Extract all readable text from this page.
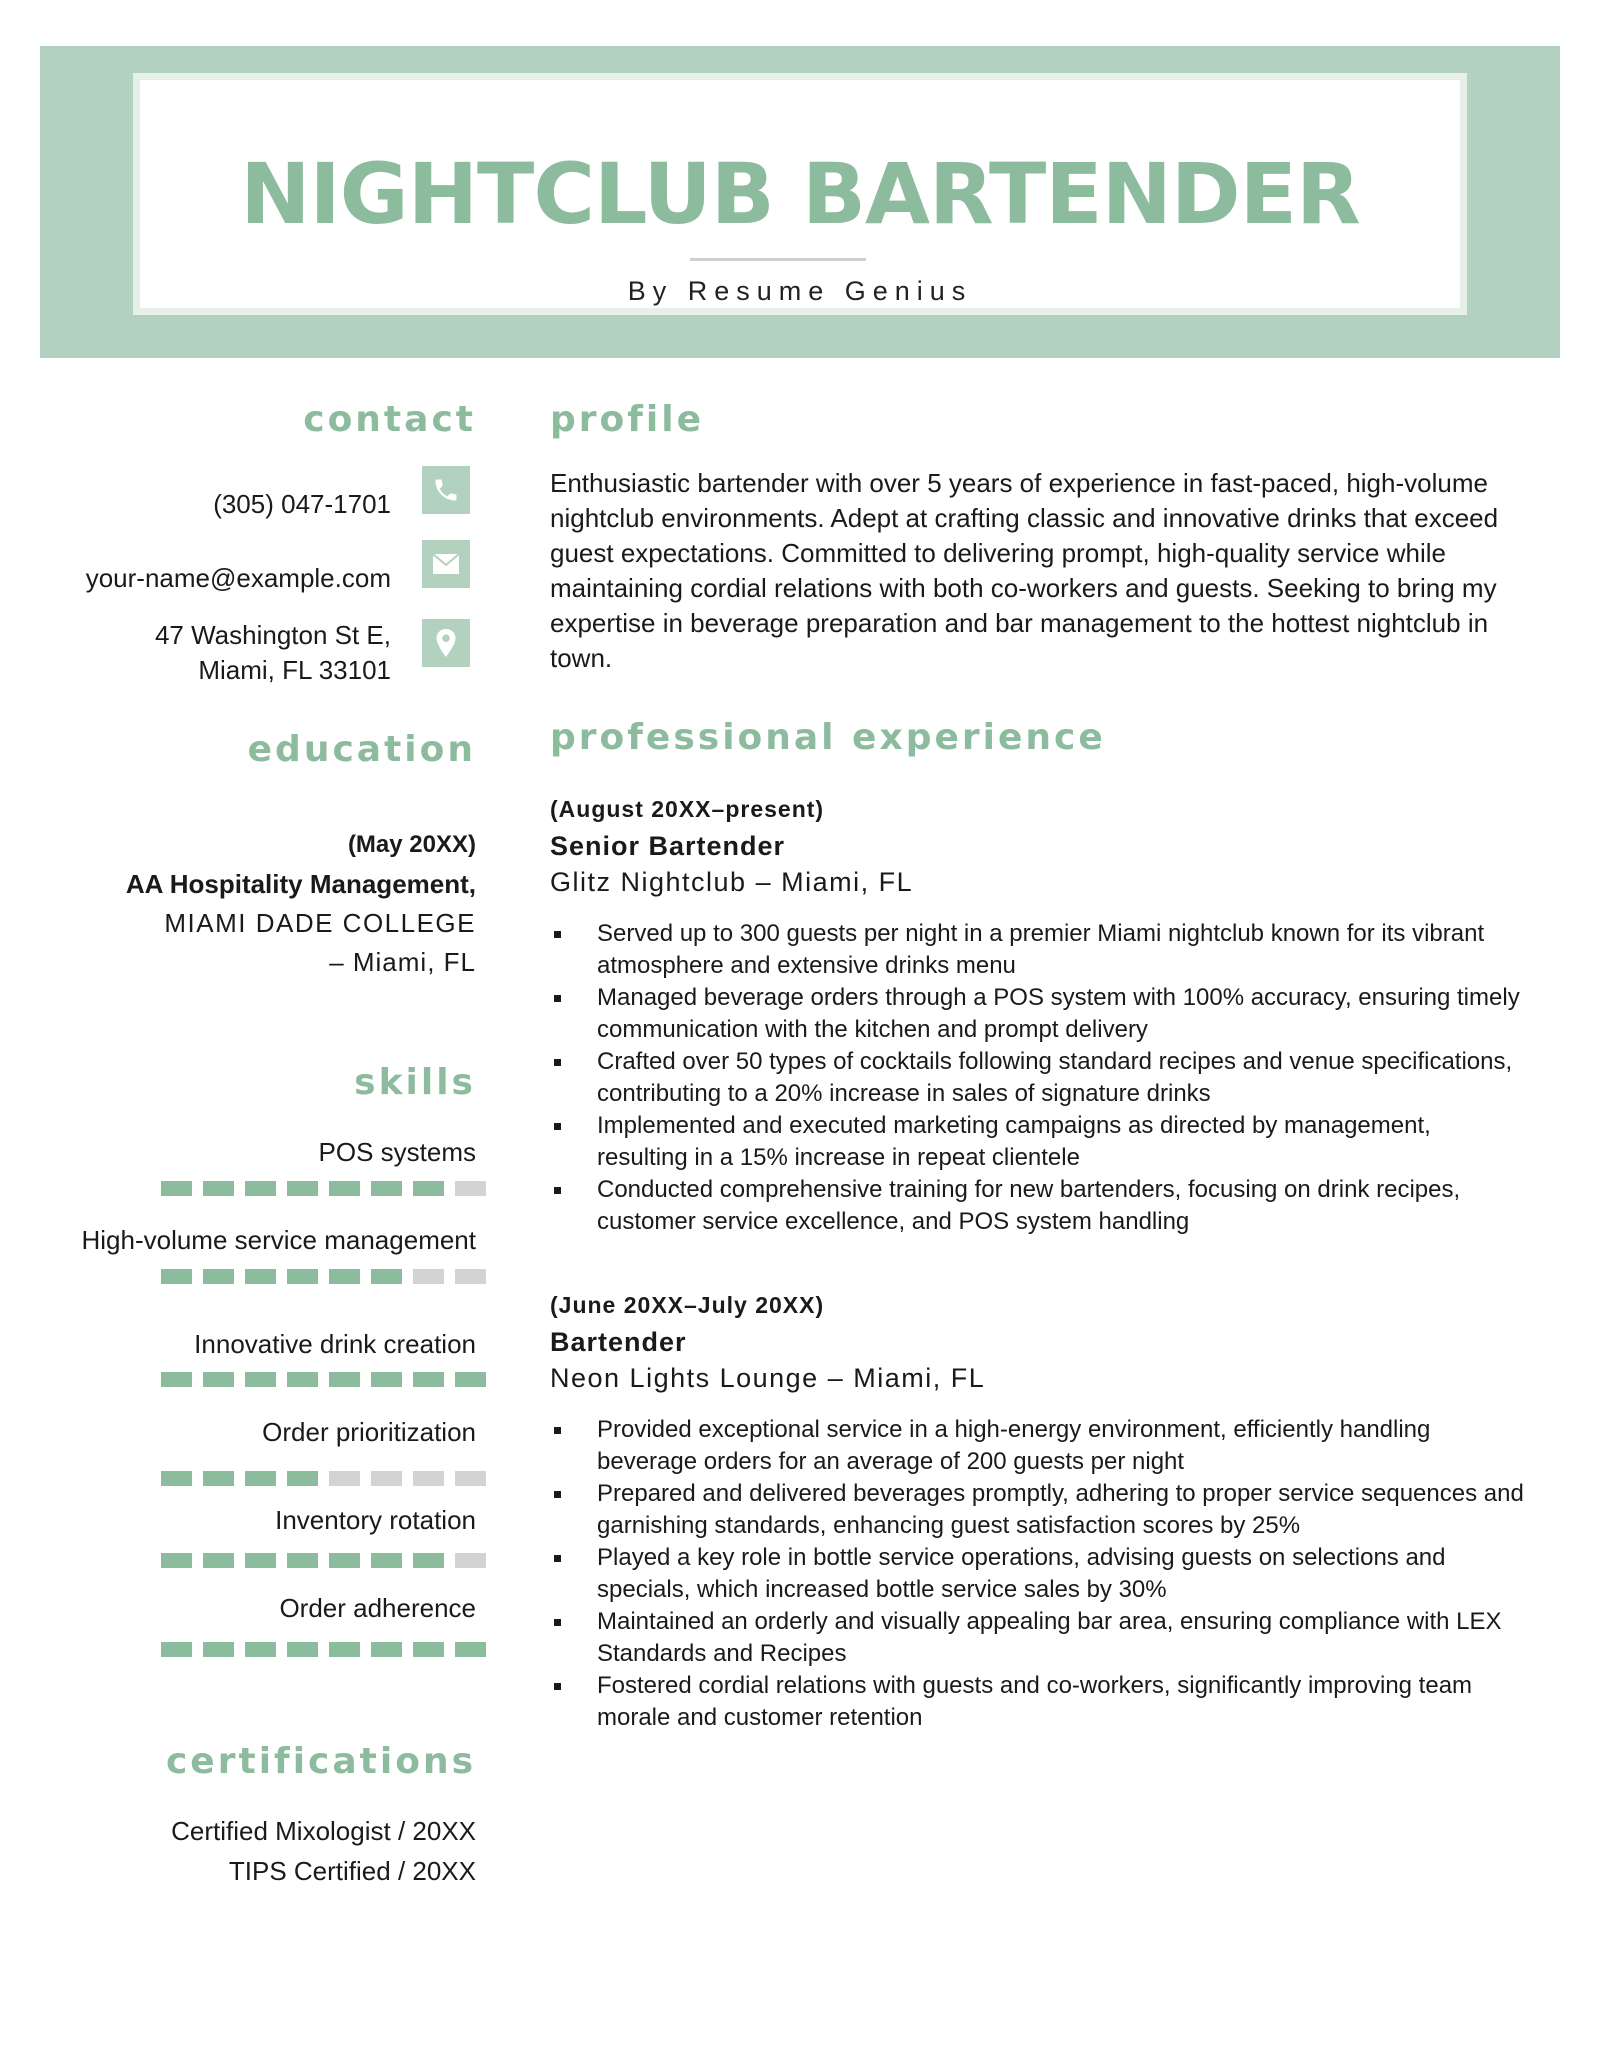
NIGHTCLUB BARTENDER
By Resume Genius
contact
(305) 047-1701
your-name@example.com
47 Washington St E,
Miami, FL 33101
education
(May 20XX)
AA Hospitality Management,
MIAMI DADE COLLEGE
– Miami, FL
skills
POS systems
High-volume service management
Innovative drink creation
Order prioritization
Inventory rotation
Order adherence
certifications
Certified Mixologist / 20XX
TIPS Certified / 20XX
profile
Enthusiastic bartender with over 5 years of experience in fast-paced, high-volume
nightclub environments. Adept at crafting classic and innovative drinks that exceed
guest expectations. Committed to delivering prompt, high-quality service while
maintaining cordial relations with both co-workers and guests. Seeking to bring my
expertise in beverage preparation and bar management to the hottest nightclub in
town.
professional experience
(August 20XX–present)
Senior Bartender
Glitz Nightclub – Miami, FL
Served up to 300 guests per night in a premier Miami nightclub known for its vibrant
atmosphere and extensive drinks menu
Managed beverage orders through a POS system with 100% accuracy, ensuring timely
communication with the kitchen and prompt delivery
Crafted over 50 types of cocktails following standard recipes and venue specifications,
contributing to a 20% increase in sales of signature drinks
Implemented and executed marketing campaigns as directed by management,
resulting in a 15% increase in repeat clientele
Conducted comprehensive training for new bartenders, focusing on drink recipes,
customer service excellence, and POS system handling
(June 20XX–July 20XX)
Bartender
Neon Lights Lounge – Miami, FL
Provided exceptional service in a high-energy environment, efficiently handling
beverage orders for an average of 200 guests per night
Prepared and delivered beverages promptly, adhering to proper service sequences and
garnishing standards, enhancing guest satisfaction scores by 25%
Played a key role in bottle service operations, advising guests on selections and
specials, which increased bottle service sales by 30%
Maintained an orderly and visually appealing bar area, ensuring compliance with LEX
Standards and Recipes
Fostered cordial relations with guests and co-workers, significantly improving team
morale and customer retention
